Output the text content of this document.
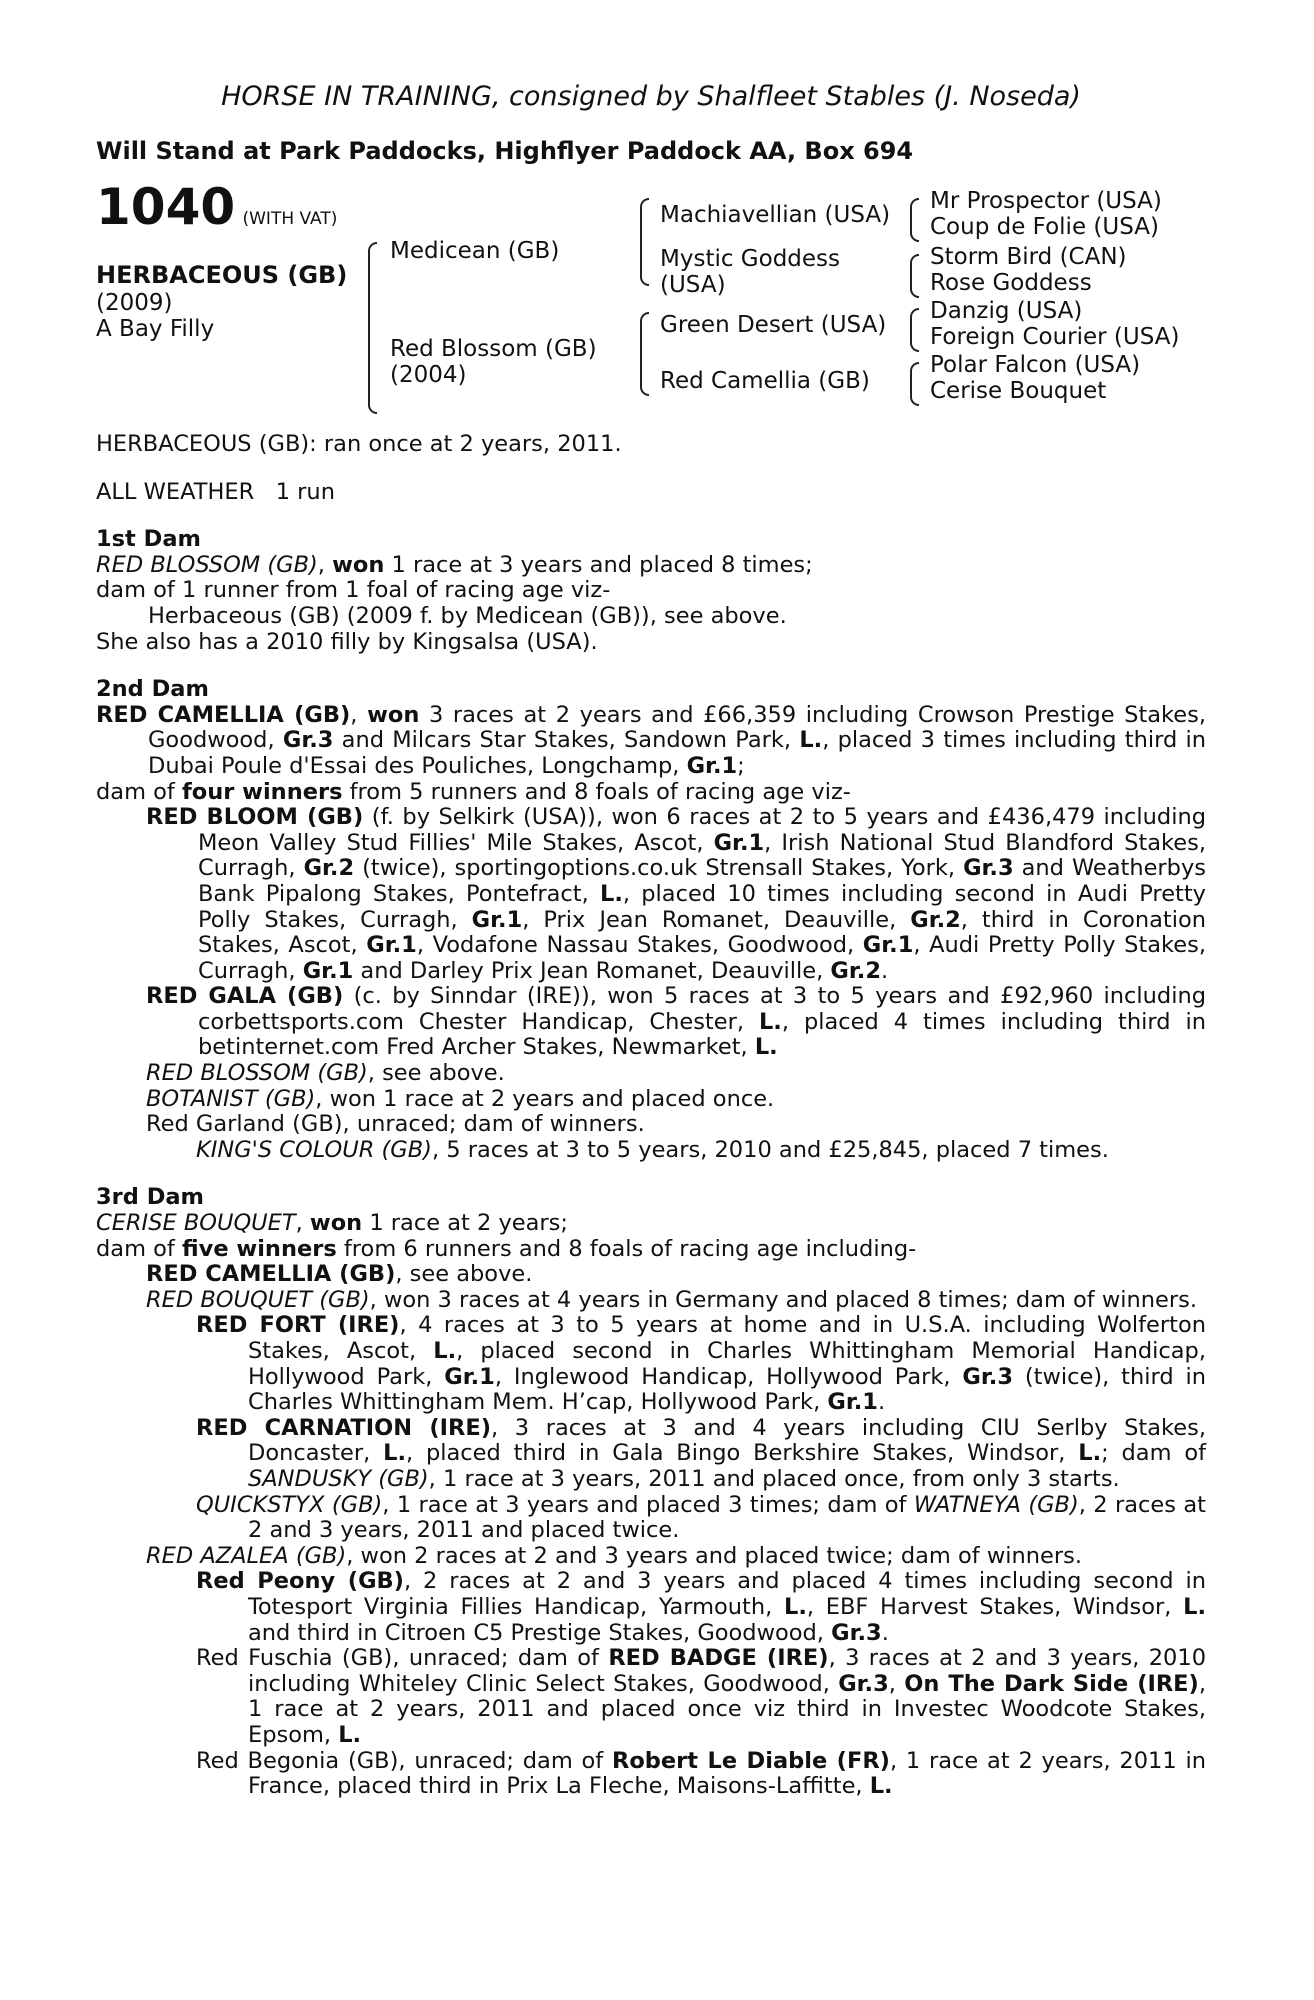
HORSE IN TRAINING, consigned by Shalfleet Stables (J. Noseda)
Will Stand at Park Paddocks, Highflyer Paddock AA, Box 694
1040 (WITH VAT)
HERBACEOUS (GB)
(2009)
A Bay Filly
Medicean (GB)
Red Blossom (GB)
(2004)
Machiavellian (USA)
Mystic Goddess
(USA)
Green Desert (USA)
Red Camellia (GB)
Mr Prospector (USA)
Coup de Folie (USA)
Storm Bird (CAN)
Rose Goddess
Danzig (USA)
Foreign Courier (USA)
Polar Falcon (USA)
Cerise Bouquet

HERBACEOUS (GB): ran once at 2 years, 2011.

ALL WEATHER 1 run

1st Dam

RED BLOSSOM (GB), won 1 race at 3 years and placed 8 times;

dam of 1 runner from 1 foal of racing age viz-

Herbaceous (GB) (2009 f. by Medicean (GB)), see above.

She also has a 2010 filly by Kingsalsa (USA).

2nd Dam

RED CAMELLIA (GB), won 3 races at 2 years and £66,359 including Crowson Prestige Stakes, Goodwood, Gr.3 and Milcars Star Stakes, Sandown Park, L., placed 3 times including third in Dubai Poule d'Essai des Pouliches, Longchamp, Gr.1;

dam of four winners from 5 runners and 8 foals of racing age viz-

RED BLOOM (GB) (f. by Selkirk (USA)), won 6 races at 2 to 5 years and £436,479 including Meon Valley Stud Fillies' Mile Stakes, Ascot, Gr.1, Irish National Stud Blandford Stakes, Curragh, Gr.2 (twice), sportingoptions.co.uk Strensall Stakes, York, Gr.3 and Weatherbys Bank Pipalong Stakes, Pontefract, L., placed 10 times including second in Audi Pretty Polly Stakes, Curragh, Gr.1, Prix Jean Romanet, Deauville, Gr.2, third in Coronation Stakes, Ascot, Gr.1, Vodafone Nassau Stakes, Goodwood, Gr.1, Audi Pretty Polly Stakes, Curragh, Gr.1 and Darley Prix Jean Romanet, Deauville, Gr.2.

RED GALA (GB) (c. by Sinndar (IRE)), won 5 races at 3 to 5 years and £92,960 including corbettsports.com Chester Handicap, Chester, L., placed 4 times including third in betinternet.com Fred Archer Stakes, Newmarket, L.

RED BLOSSOM (GB), see above.

BOTANIST (GB), won 1 race at 2 years and placed once.

Red Garland (GB), unraced; dam of winners.

KING'S COLOUR (GB), 5 races at 3 to 5 years, 2010 and £25,845, placed 7 times.

3rd Dam

CERISE BOUQUET, won 1 race at 2 years;

dam of five winners from 6 runners and 8 foals of racing age including-

RED CAMELLIA (GB), see above.

RED BOUQUET (GB), won 3 races at 4 years in Germany and placed 8 times; dam of winners.

RED FORT (IRE), 4 races at 3 to 5 years at home and in U.S.A. including Wolferton Stakes, Ascot, L., placed second in Charles Whittingham Memorial Handicap, Hollywood Park, Gr.1, Inglewood Handicap, Hollywood Park, Gr.3 (twice), third in Charles Whittingham Mem. H’cap, Hollywood Park, Gr.1.

RED CARNATION (IRE), 3 races at 3 and 4 years including CIU Serlby Stakes, Doncaster, L., placed third in Gala Bingo Berkshire Stakes, Windsor, L.; dam of SANDUSKY (GB), 1 race at 3 years, 2011 and placed once, from only 3 starts.

QUICKSTYX (GB), 1 race at 3 years and placed 3 times; dam of WATNEYA (GB), 2 races at 2 and 3 years, 2011 and placed twice.

RED AZALEA (GB), won 2 races at 2 and 3 years and placed twice; dam of winners.

Red Peony (GB), 2 races at 2 and 3 years and placed 4 times including second in Totesport Virginia Fillies Handicap, Yarmouth, L., EBF Harvest Stakes, Windsor, L. and third in Citroen C5 Prestige Stakes, Goodwood, Gr.3.

Red Fuschia (GB), unraced; dam of RED BADGE (IRE), 3 races at 2 and 3 years, 2010 including Whiteley Clinic Select Stakes, Goodwood, Gr.3, On The Dark Side (IRE), 1 race at 2 years, 2011 and placed once viz third in Investec Woodcote Stakes, Epsom, L.

Red Begonia (GB), unraced; dam of Robert Le Diable (FR), 1 race at 2 years, 2011 in France, placed third in Prix La Fleche, Maisons-Laffitte, L.
